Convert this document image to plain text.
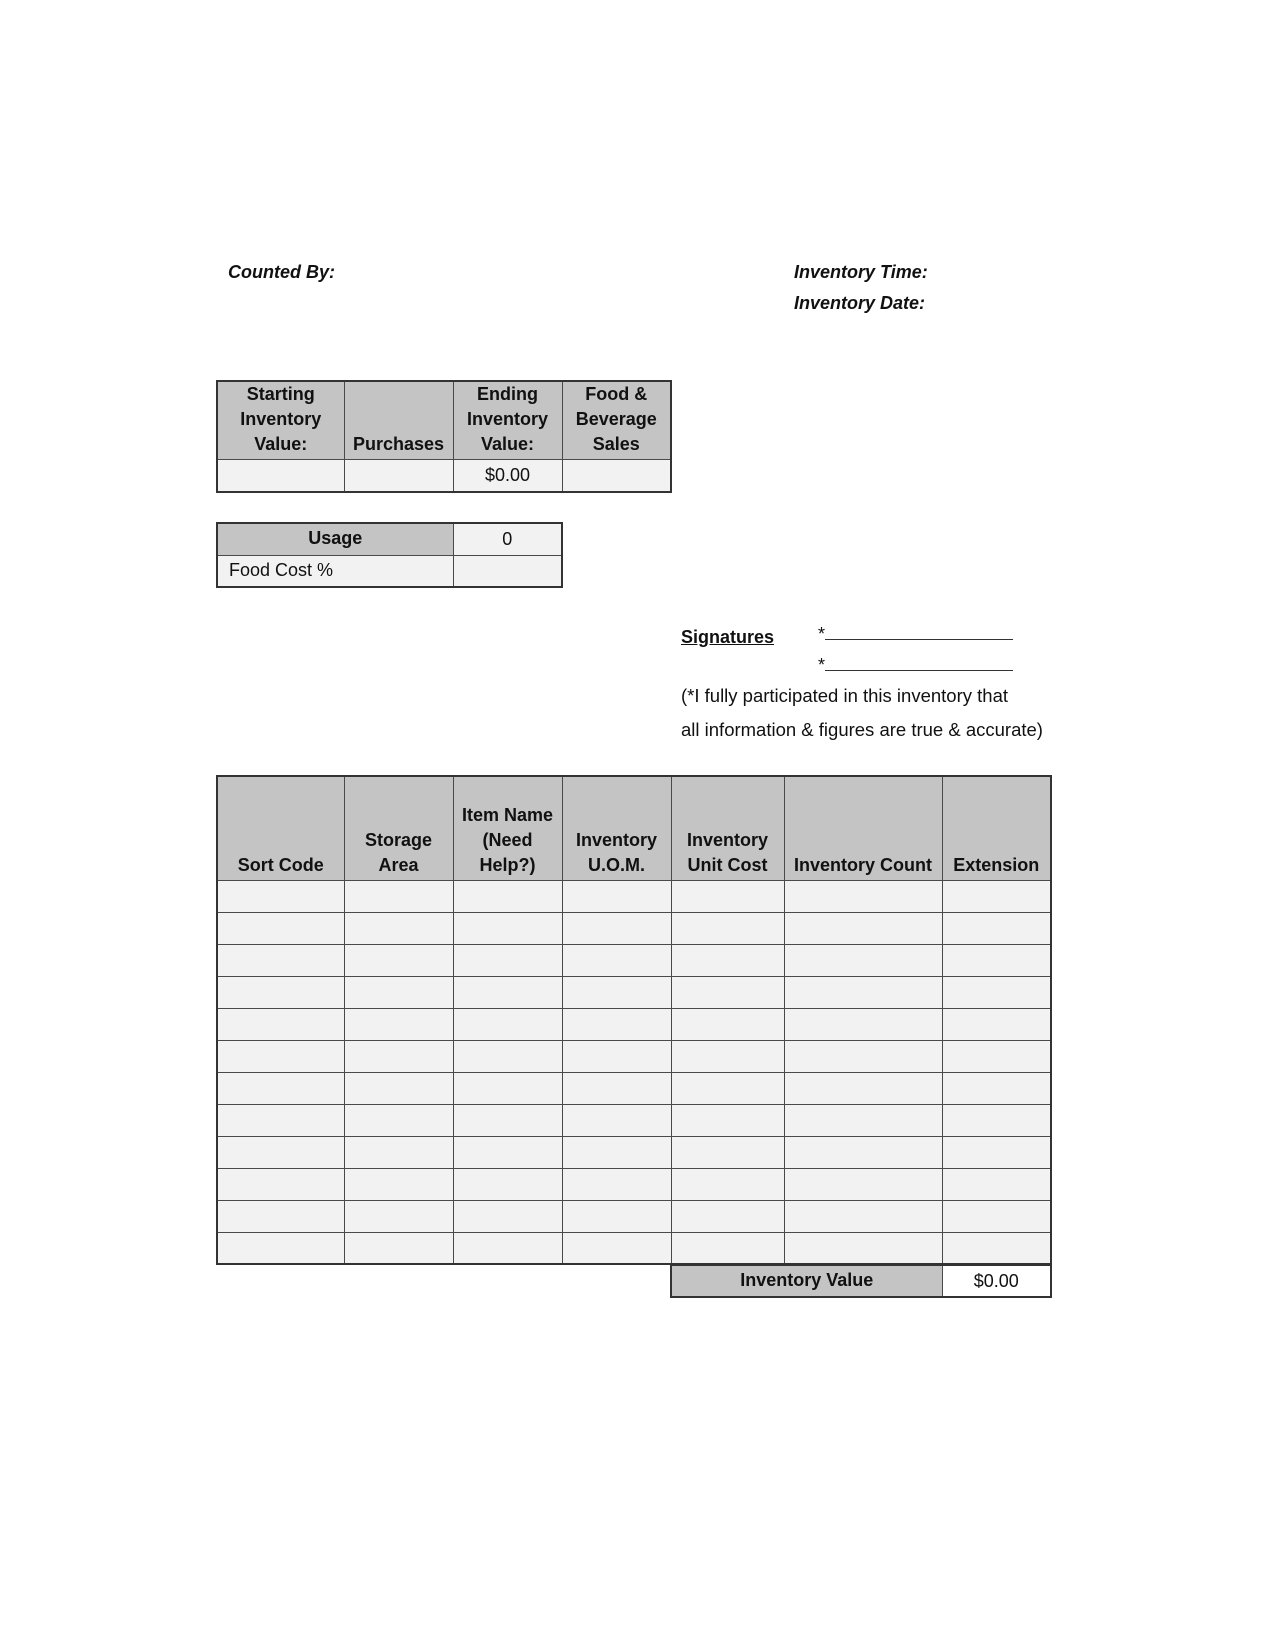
Counted By:	Inventory Time:
Inventory Date:
Starting Inventory Value:	Purchases	Ending Inventory Value:	Food & Beverage Sales
		$0.00	
Usage	0
Food Cost %	
Signatures *
*
(*I fully participated in this inventory that
all information & figures are true & accurate)
Sort Code	Storage Area	Item Name (Need Help?)	Inventory U.O.M.	Inventory Unit Cost	Inventory Count	Extension

Inventory Value	$0.00
